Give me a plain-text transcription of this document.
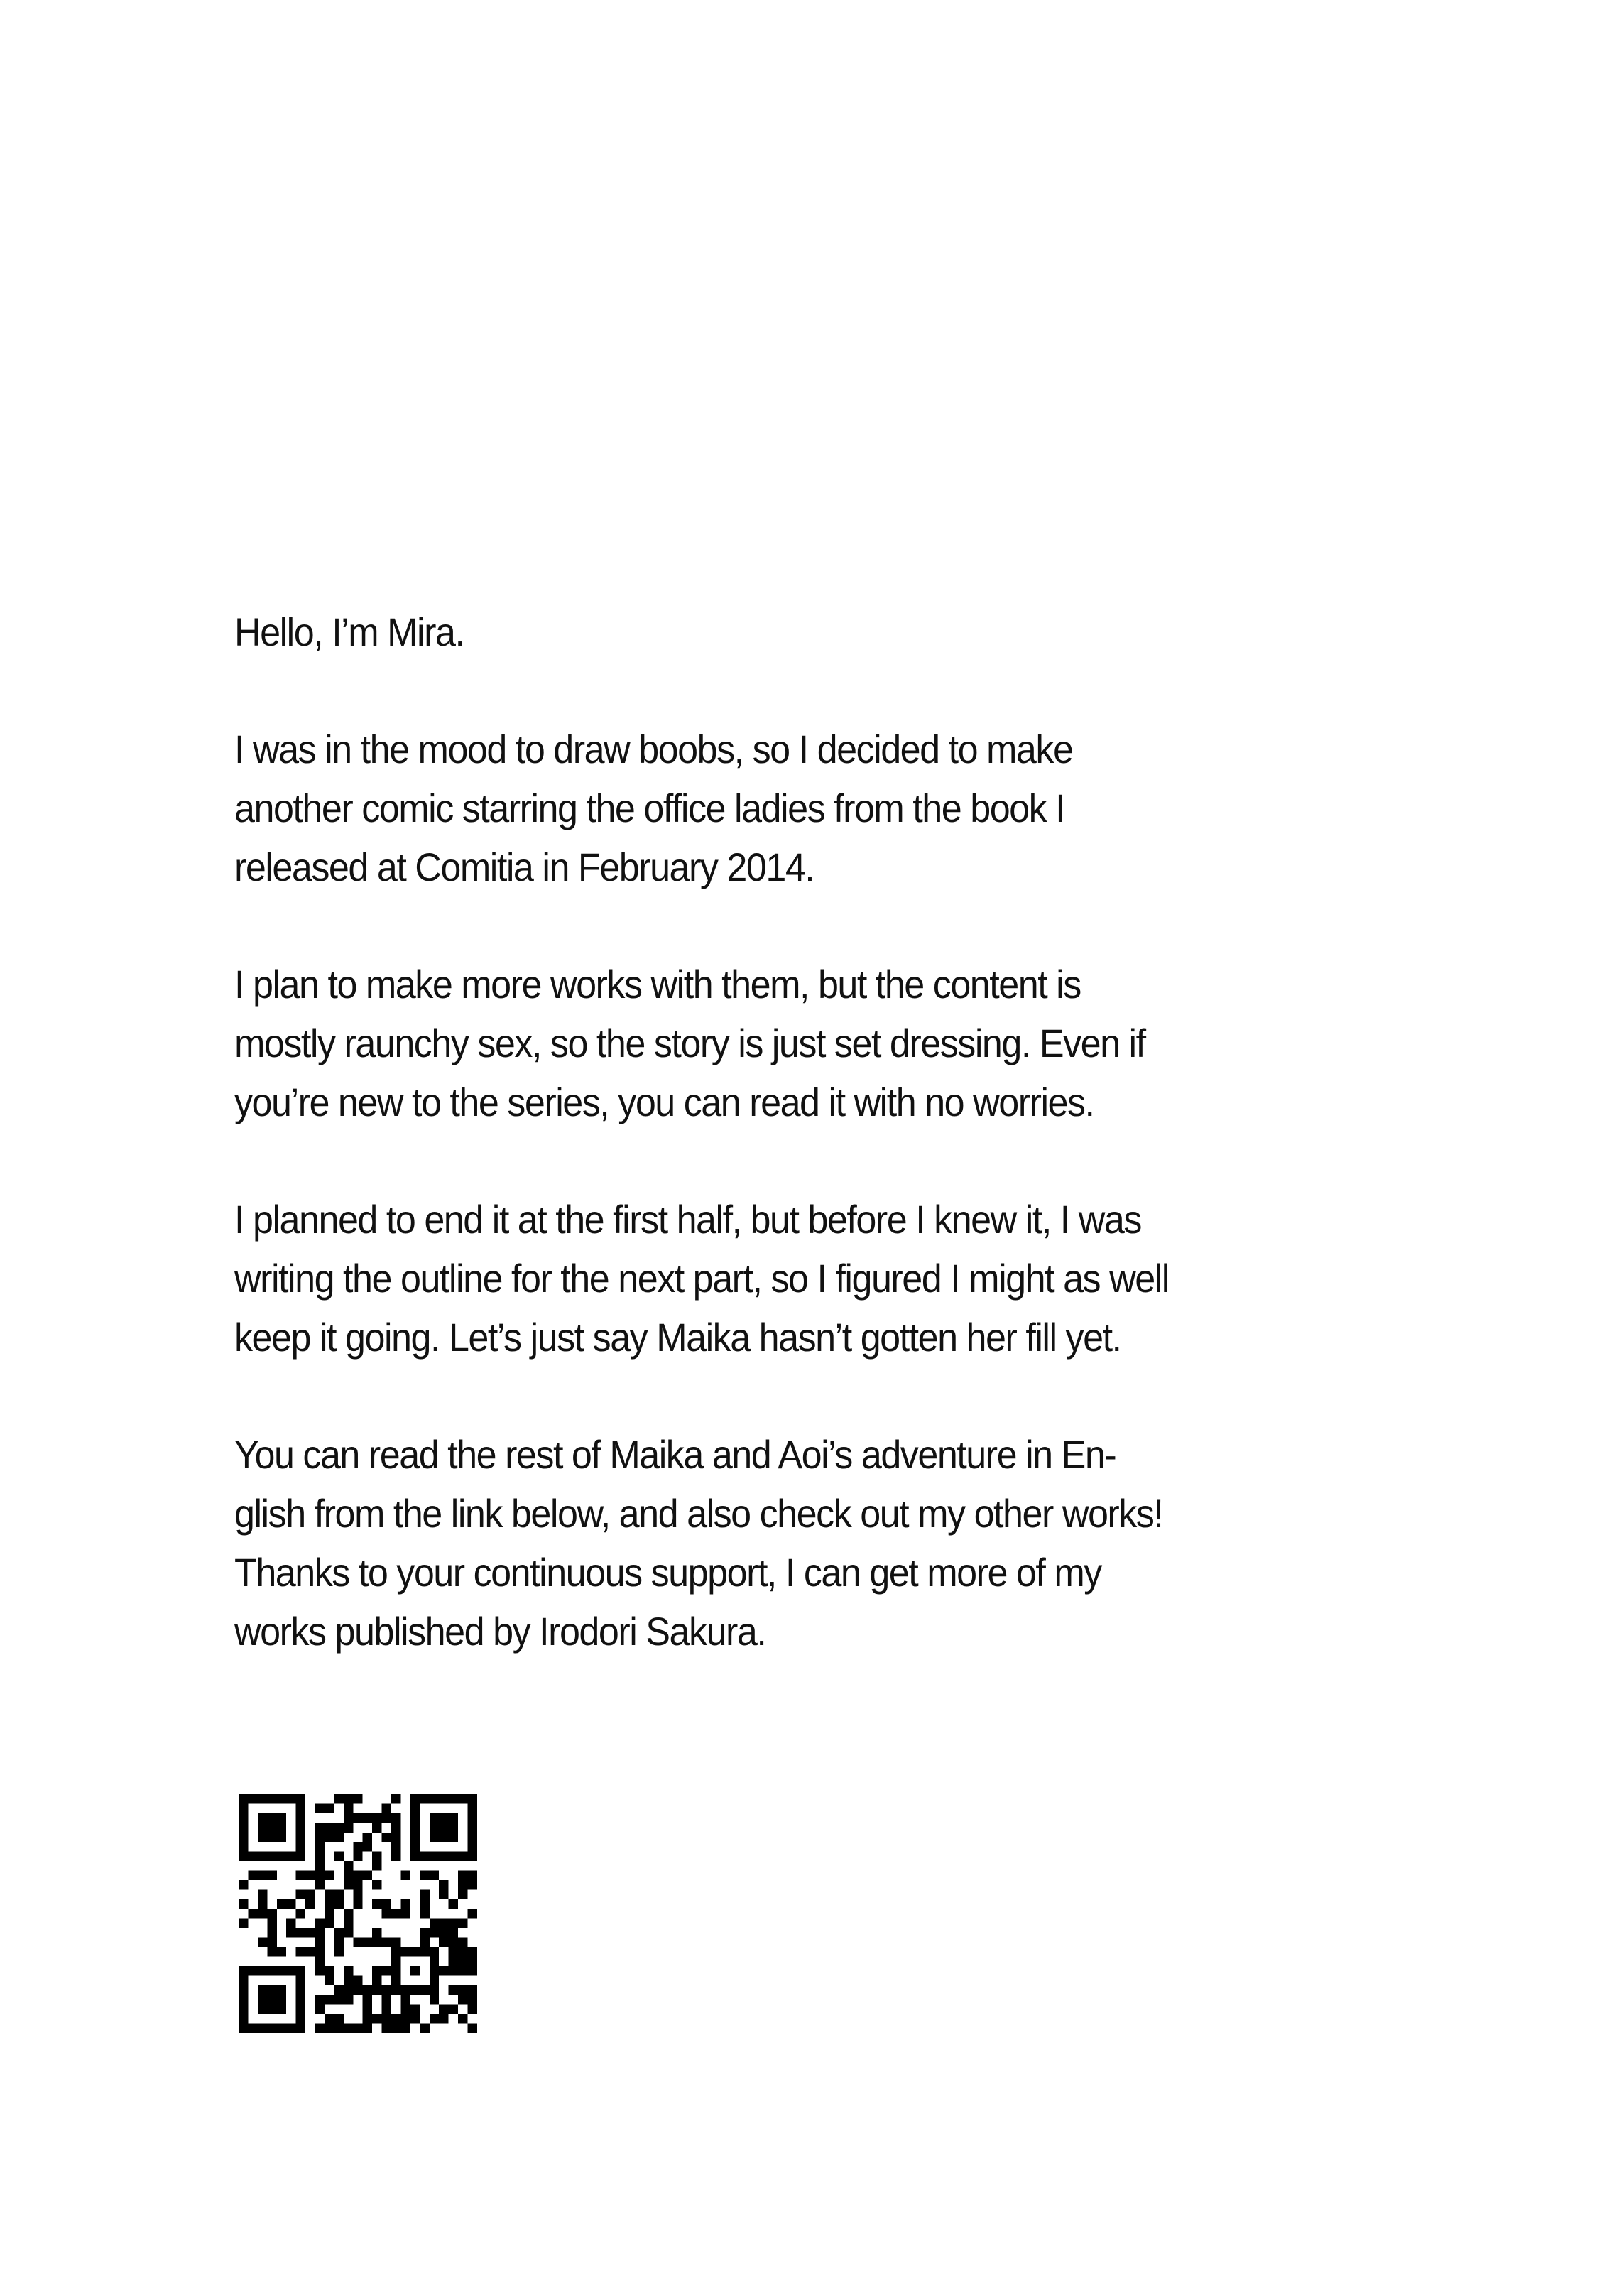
Hello, I’m Mira.

I was in the mood to draw boobs, so I decided to make
another comic starring the office ladies from the book I
released at Comitia in February 2014.

I plan to make more works with them, but the content is
mostly raunchy sex, so the story is just set dressing. Even if
you’re new to the series, you can read it with no worries.

I planned to end it at the first half, but before I knew it, I was
writing the outline for the next part, so I figured I might as well
keep it going. Let’s just say Maika hasn’t gotten her fill yet.

You can read the rest of Maika and Aoi’s adventure in En-
glish from the link below, and also check out my other works!
Thanks to your continuous support, I can get more of my
works published by Irodori Sakura.
